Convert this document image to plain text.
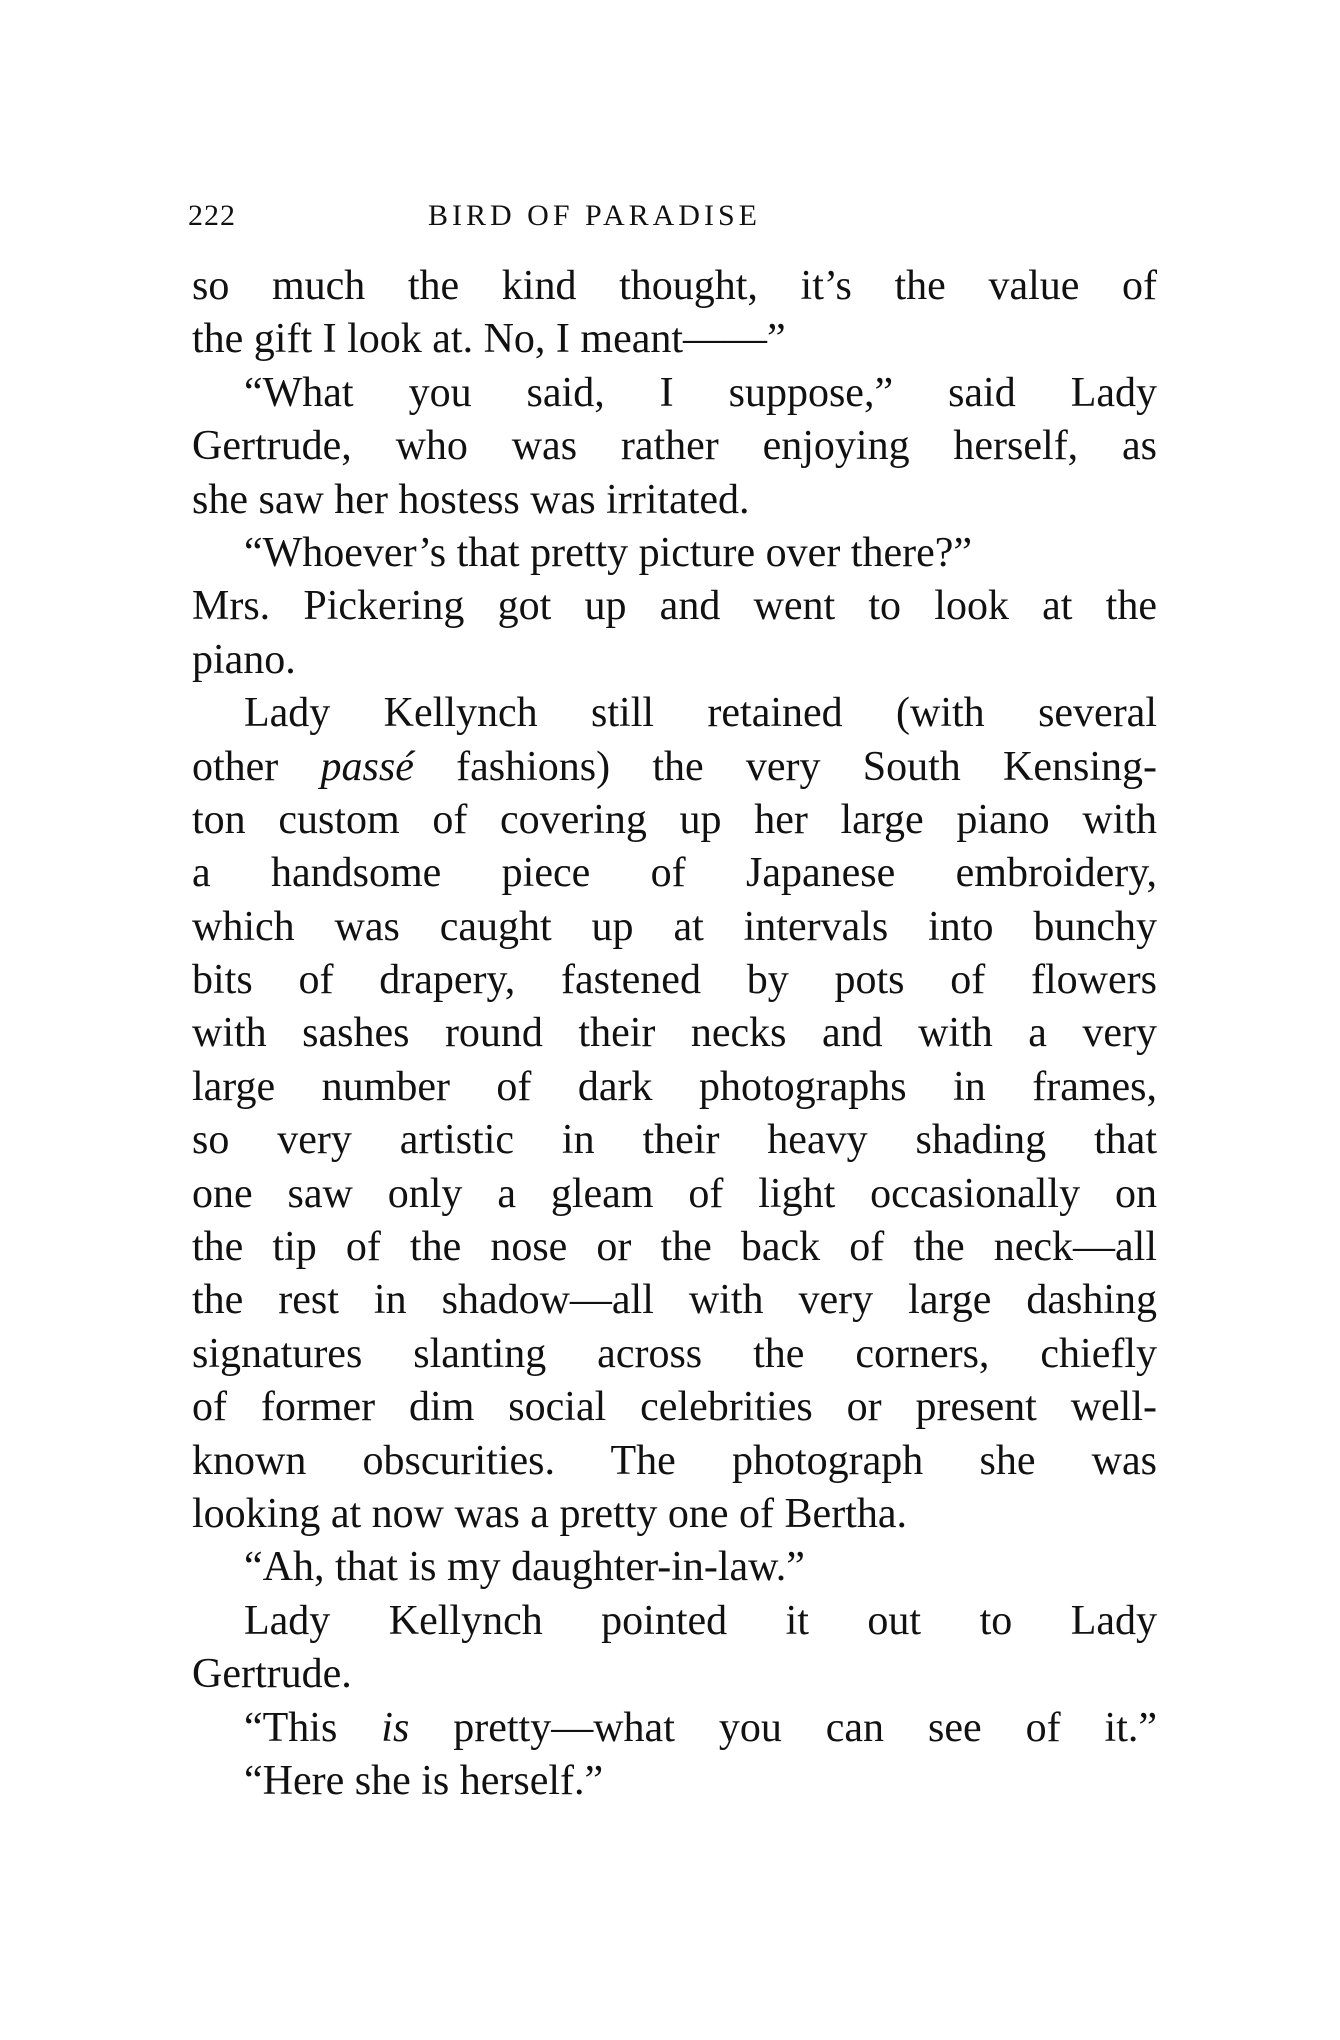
222	BIRD OF PARADISE
so much the kind thought, it’s the value of
the gift I look at. No, I meant——”
“What you said, I suppose,” said Lady
Gertrude, who was rather enjoying herself, as
she saw her hostess was irritated.
“Whoever’s that pretty picture over there?”
Mrs. Pickering got up and went to look at the
piano.
Lady Kellynch still retained (with several
other passé fashions) the very South Kensing-
ton custom of covering up her large piano with
a handsome piece of Japanese embroidery,
which was caught up at intervals into bunchy
bits of drapery, fastened by pots of flowers
with sashes round their necks and with a very
large number of dark photographs in frames,
so very artistic in their heavy shading that
one saw only a gleam of light occasionally on
the tip of the nose or the back of the neck—all
the rest in shadow—all with very large dashing
signatures slanting across the corners, chiefly
of former dim social celebrities or present well-
known obscurities. The photograph she was
looking at now was a pretty one of Bertha.
“Ah, that is my daughter-in-law.”
Lady Kellynch pointed it out to Lady
Gertrude.
“This is pretty—what you can see of it.”
“Here she is herself.”
